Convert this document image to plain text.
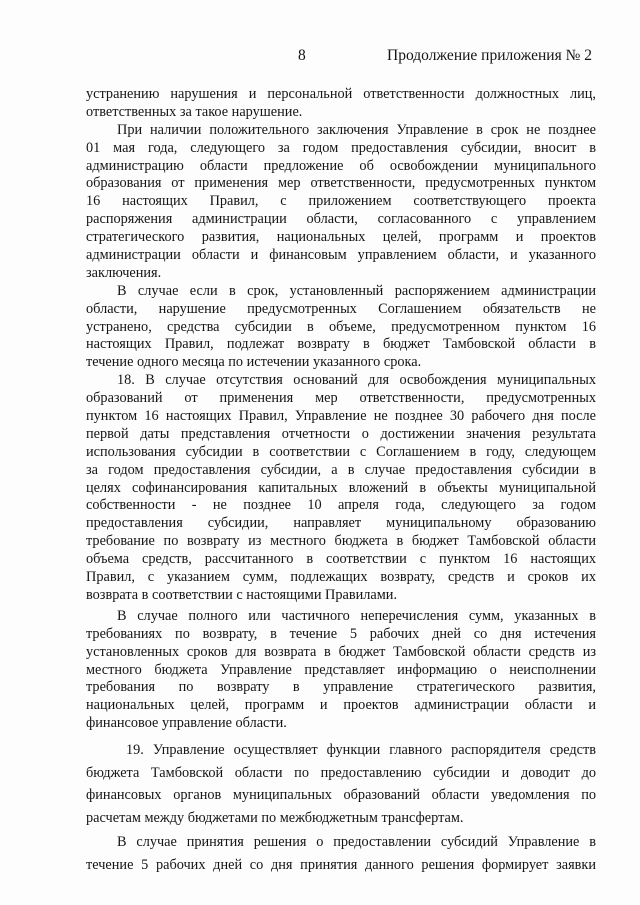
8	Продолжение приложения № 2
устранению нарушения и персональной ответственности должностных лиц,
ответственных за такое нарушение.
При наличии положительного заключения Управление в срок не позднее
01 мая года, следующего за годом предоставления субсидии, вносит в
администрацию области предложение об освобождении муниципального
образования от применения мер ответственности, предусмотренных пунктом
16 настоящих Правил, с приложением соответствующего проекта
распоряжения администрации области, согласованного с управлением
стратегического развития, национальных целей, программ и проектов
администрации области и финансовым управлением области, и указанного
заключения.
В случае если в срок, установленный распоряжением администрации
области, нарушение предусмотренных Соглашением обязательств не
устранено, средства субсидии в объеме, предусмотренном пунктом 16
настоящих Правил, подлежат возврату в бюджет Тамбовской области в
течение одного месяца по истечении указанного срока.
18. В случае отсутствия оснований для освобождения муниципальных
образований от применения мер ответственности, предусмотренных
пунктом 16 настоящих Правил, Управление не позднее 30 рабочего дня после
первой даты представления отчетности о достижении значения результата
использования субсидии в соответствии с Соглашением в году, следующем
за годом предоставления субсидии, а в случае предоставления субсидии в
целях софинансирования капитальных вложений в объекты муниципальной
собственности - не позднее 10 апреля года, следующего за годом
предоставления субсидии, направляет муниципальному образованию
требование по возврату из местного бюджета в бюджет Тамбовской области
объема средств, рассчитанного в соответствии с пунктом 16 настоящих
Правил, с указанием сумм, подлежащих возврату, средств и сроков их
возврата в соответствии с настоящими Правилами.
В случае полного или частичного неперечисления сумм, указанных в
требованиях по возврату, в течение 5 рабочих дней со дня истечения
установленных сроков для возврата в бюджет Тамбовской области средств из
местного бюджета Управление представляет информацию о неисполнении
требования по возврату в управление стратегического развития,
национальных целей, программ и проектов администрации области и
финансовое управление области.
19. Управление осуществляет функции главного распорядителя средств
бюджета Тамбовской области по предоставлению субсидии и доводит до
финансовых органов муниципальных образований области уведомления по
расчетам между бюджетами по межбюджетным трансфертам.
В случае принятия решения о предоставлении субсидий Управление в
течение 5 рабочих дней со дня принятия данного решения формирует заявки
